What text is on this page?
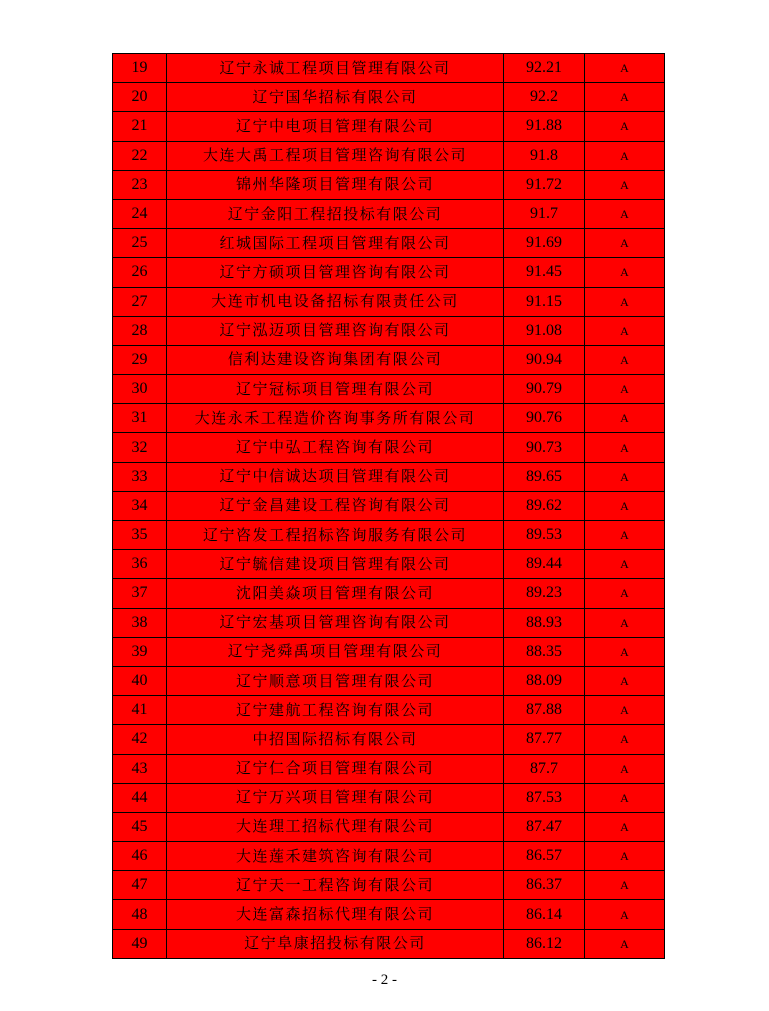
19	辽宁永诚工程项目管理有限公司	92.21	A
20	辽宁国华招标有限公司	92.2	A
21	辽宁中电项目管理有限公司	91.88	A
22	大连大禹工程项目管理咨询有限公司	91.8	A
23	锦州华隆项目管理有限公司	91.72	A
24	辽宁金阳工程招投标有限公司	91.7	A
25	红城国际工程项目管理有限公司	91.69	A
26	辽宁方硕项目管理咨询有限公司	91.45	A
27	大连市机电设备招标有限责任公司	91.15	A
28	辽宁泓迈项目管理咨询有限公司	91.08	A
29	信利达建设咨询集团有限公司	90.94	A
30	辽宁冠标项目管理有限公司	90.79	A
31	大连永禾工程造价咨询事务所有限公司	90.76	A
32	辽宁中弘工程咨询有限公司	90.73	A
33	辽宁中信诚达项目管理有限公司	89.65	A
34	辽宁金昌建设工程咨询有限公司	89.62	A
35	辽宁咨发工程招标咨询服务有限公司	89.53	A
36	辽宁毓信建设项目管理有限公司	89.44	A
37	沈阳美焱项目管理有限公司	89.23	A
38	辽宁宏基项目管理咨询有限公司	88.93	A
39	辽宁尧舜禹项目管理有限公司	88.35	A
40	辽宁顺意项目管理有限公司	88.09	A
41	辽宁建航工程咨询有限公司	87.88	A
42	中招国际招标有限公司	87.77	A
43	辽宁仁合项目管理有限公司	87.7	A
44	辽宁万兴项目管理有限公司	87.53	A
45	大连理工招标代理有限公司	87.47	A
46	大连莲禾建筑咨询有限公司	86.57	A
47	辽宁天一工程咨询有限公司	86.37	A
48	大连富森招标代理有限公司	86.14	A
49	辽宁阜康招投标有限公司	86.12	A
- 2 -
